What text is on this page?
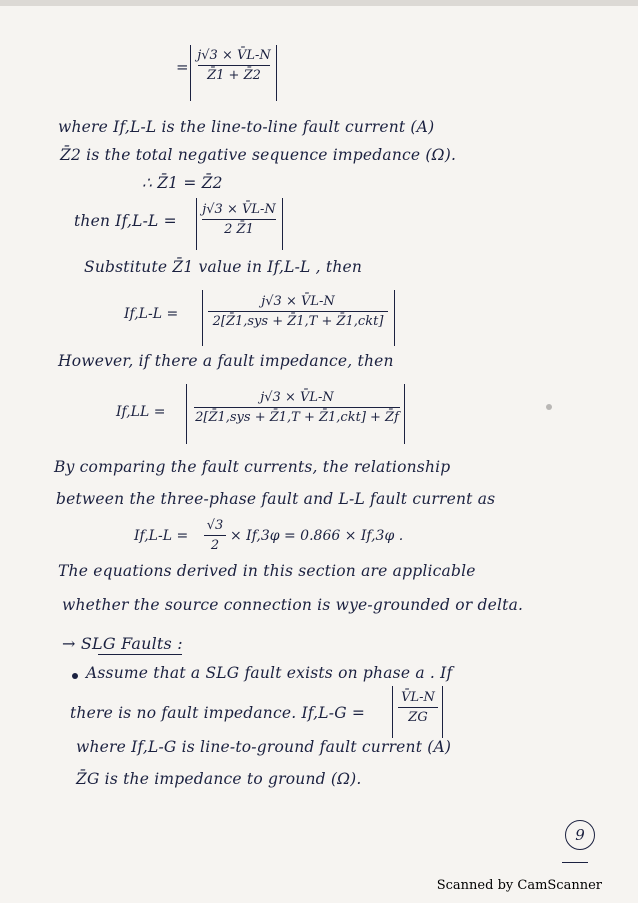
=
j√3 × V̄L-N
Z̄1 + Z̄2
where If,L-L is the line-to-line fault current (A)
Z̄2 is the total negative sequence impedance (Ω).
∴ Z̄1 = Z̄2
then If,L-L =
j√3 × V̄L-N
2 Z̄1
Substitute Z̄1 value in If,L-L , then
If,L-L =
j√3 × V̄L-N
2[Z̄1,sys + Z̄1,T + Z̄1,ckt]
However, if there a fault impedance, then
If,LL =
j√3 × V̄L-N
2[Z̄1,sys + Z̄1,T + Z̄1,ckt] + Z̄f
By comparing the fault currents, the relationship
between the three-phase fault and L-L fault current as
If,L-L =
√3
2
× If,3φ = 0.866 × If,3φ .
The equations derived in this section are applicable
whether the source connection is wye-grounded or delta.
→ SLG Faults :
Assume that a SLG fault exists on phase a . If
there is no fault impedance. If,L-G =
V̄L-N
ZG
where If,L-G is line-to-ground fault current (A)
Z̄G is the impedance to ground (Ω).
9
Scanned by CamScanner
